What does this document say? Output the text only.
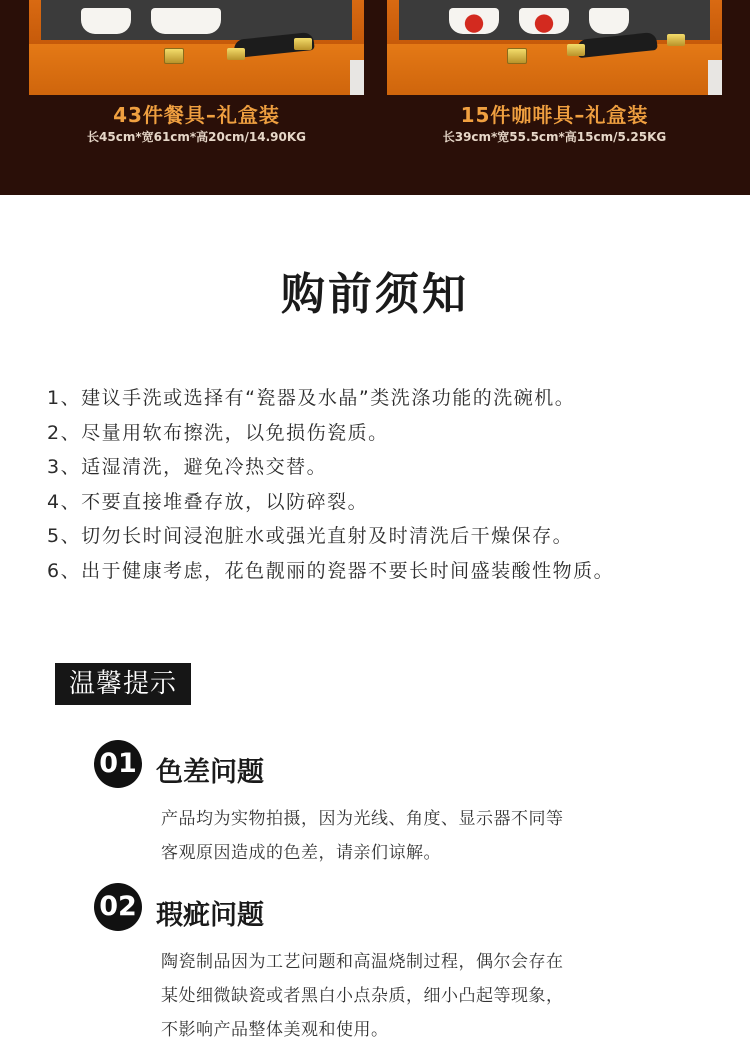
43件餐具–礼盒装
长45cm*宽61cm*高20cm/14.90KG
15件咖啡具–礼盒装
长39cm*宽55.5cm*高15cm/5.25KG
购前须知
1、建议手洗或选择有“瓷器及水晶”类洗涤功能的洗碗机。
2、尽量用软布擦洗，以免损伤瓷质。
3、适湿清洗，避免冷热交替。
4、不要直接堆叠存放，以防碎裂。
5、切勿长时间浸泡脏水或强光直射及时清洗后干燥保存。
6、出于健康考虑，花色靓丽的瓷器不要长时间盛装酸性物质。
温馨提示
01 色差问题
产品均为实物拍摄，因为光线、角度、显示器不同等
客观原因造成的色差，请亲们谅解。
02 瑕疵问题
陶瓷制品因为工艺问题和高温烧制过程，偶尔会存在
某处细微缺瓷或者黑白小点杂质，细小凸起等现象，
不影响产品整体美观和使用。
